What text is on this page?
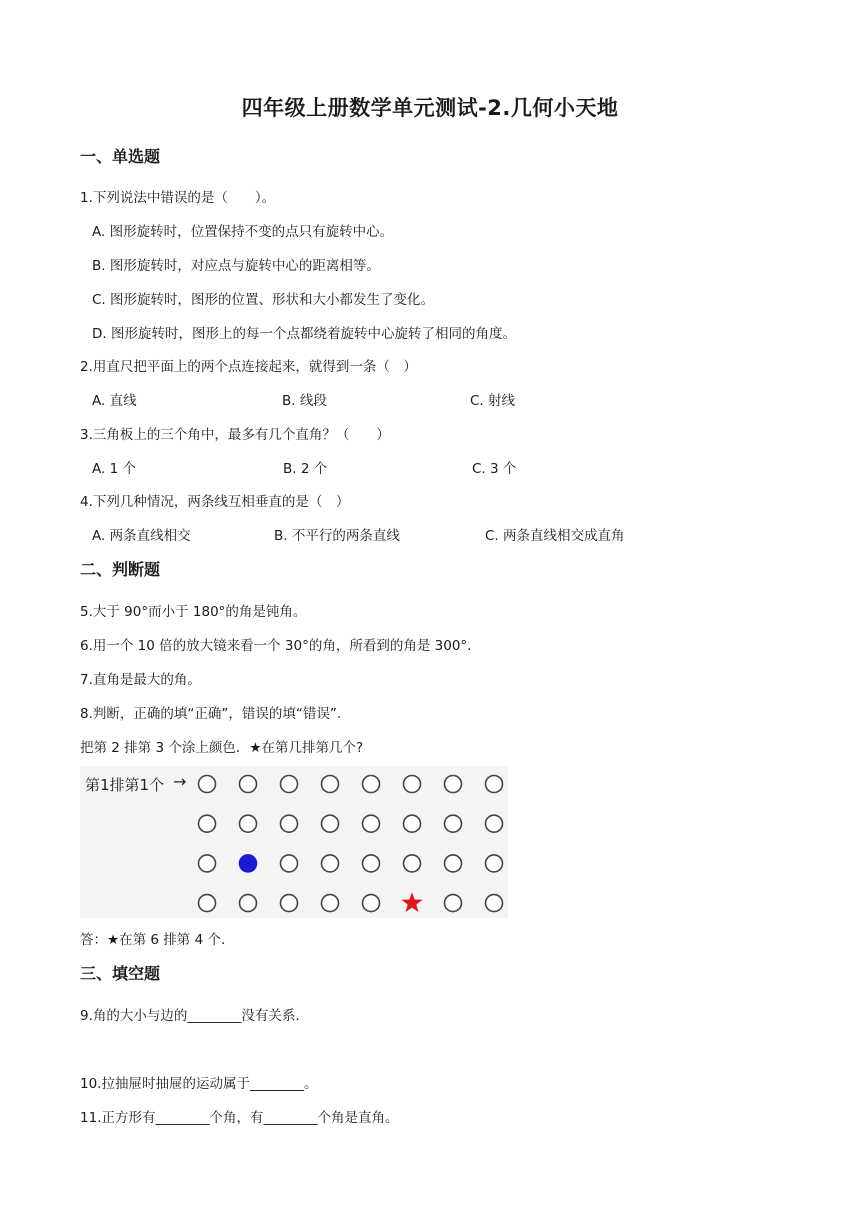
四年级上册数学单元测试-2.几何小天地
一、单选题
1.下列说法中错误的是（　　）。
A. 图形旋转时，位置保持不变的点只有旋转中心。
B. 图形旋转时，对应点与旋转中心的距离相等。
C. 图形旋转时，图形的位置、形状和大小都发生了变化。
D. 图形旋转时，图形上的每一个点都绕着旋转中心旋转了相同的角度。
2.用直尺把平面上的两个点连接起来，就得到一条（　）
A. 直线	B. 线段	C. 射线
3.三角板上的三个角中，最多有几个直角？（　　）
A. 1 个	B. 2 个	C. 3 个
4.下列几种情况，两条线互相垂直的是（　）
A. 两条直线相交	B. 不平行的两条直线	C. 两条直线相交成直角
二、判断题
5.大于 90°而小于 180°的角是钝角。
6.用一个 10 倍的放大镜来看一个 30°的角，所看到的角是 300°.
7.直角是最大的角。
8.判断，正确的填“正确”，错误的填“错误”.
把第 2 排第 3 个涂上颜色．★在第几排第几个?
第1排第1个 →
答：★在第 6 排第 4 个.
三、填空题
9.角的大小与边的________没有关系.
10.拉抽屉时抽屉的运动属于________。
11.正方形有________个角，有________个角是直角。
